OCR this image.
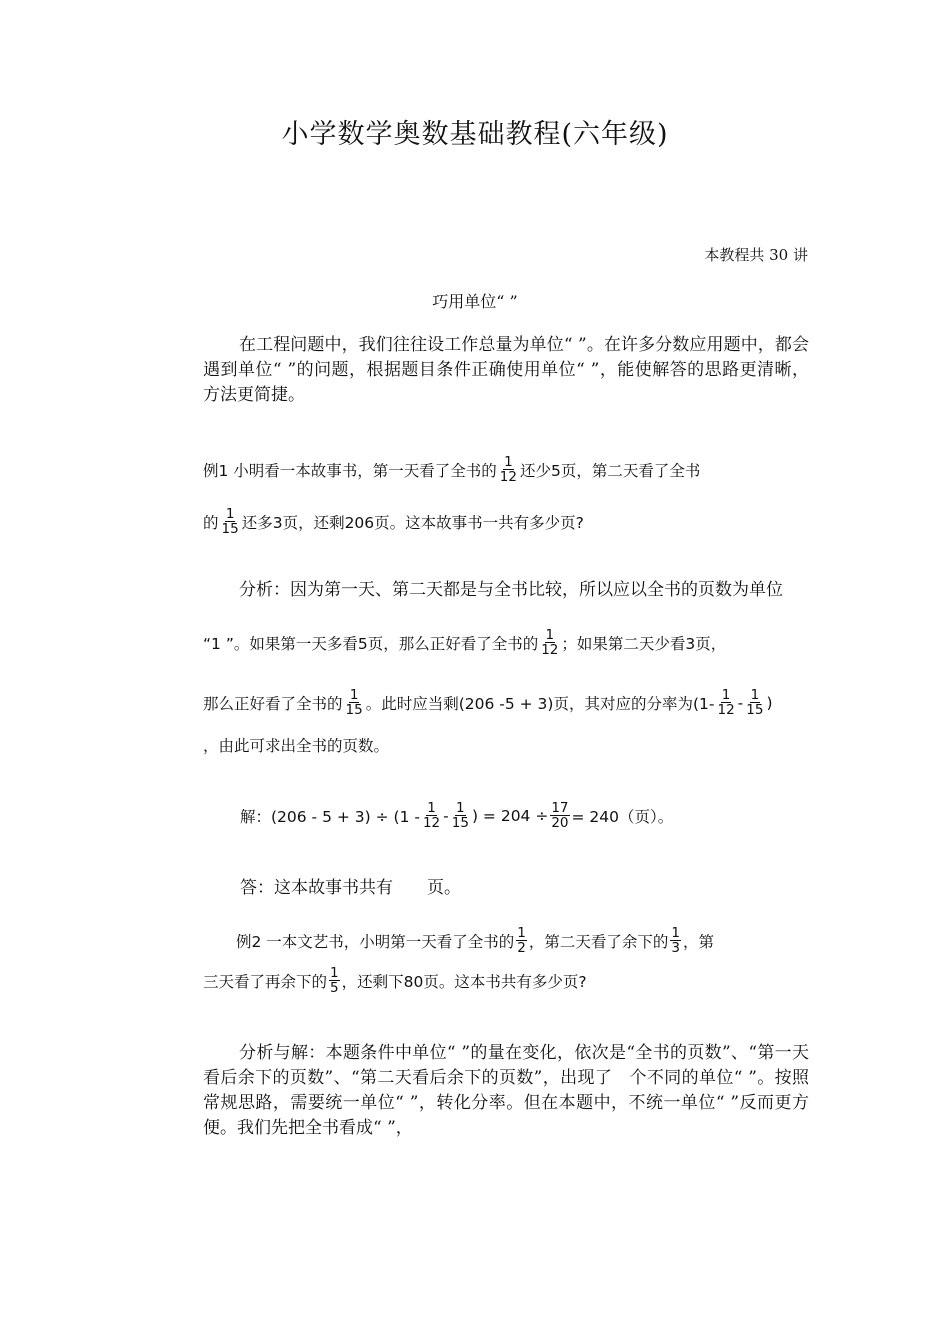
小学数学奥数基础教程(六年级)
本教程共 30 讲
巧用单位“ ”
在工程问题中，我们往往设工作总量为单位“ ”。在许多分数应用题中，都会遇到单位“ ”的问题，根据题目条件正确使用单位“ ”，能使解答的思路更清晰，方法更简捷。
例1 小明看一本故事书，第一天看了全书的 $\frac{1}{12}$ 还少5页，第二天看了全书
的 $\frac{1}{15}$ 还多3页，还剩206页。这本故事书一共有多少页?
分析：因为第一天、第二天都是与全书比较，所以应以全书的页数为单位
“1 ”。如果第一天多看5页，那么正好看了全书的 $\frac{1}{12}$ ；如果第二天少看3页，
那么正好看了全书的 $\frac{1}{15}$ 。此时应当剩(206 -5 + 3)页，其对应的分率为($1- \frac{1}{12} - \frac{1}{15}$ )
，由此可求出全书的页数。
解：$(206 - 5 + 3) \div (1 - \frac{1}{12} - \frac{1}{15}$ ) = $204 \div \frac{17}{20} = 240$（页）。
答：这本故事书共有　　页。
例2 一本文艺书，小明第一天看了全书的 $\frac{1}{2}$ ，第二天看了余下的 $\frac{1}{3}$ ，第
三天看了再余下的 $\frac{1}{5}$ ，还剩下80页。这本书共有多少页?
分析与解：本题条件中单位“ ”的量在变化，依次是“全书的页数”、“第一天看后余下的页数”、“第二天看后余下的页数”，出现了　个不同的单位“ ”。按照常规思路，需要统一单位“ ”，转化分率。但在本题中，不统一单位“ ”反而更方便。我们先把全书看成“ ”，
